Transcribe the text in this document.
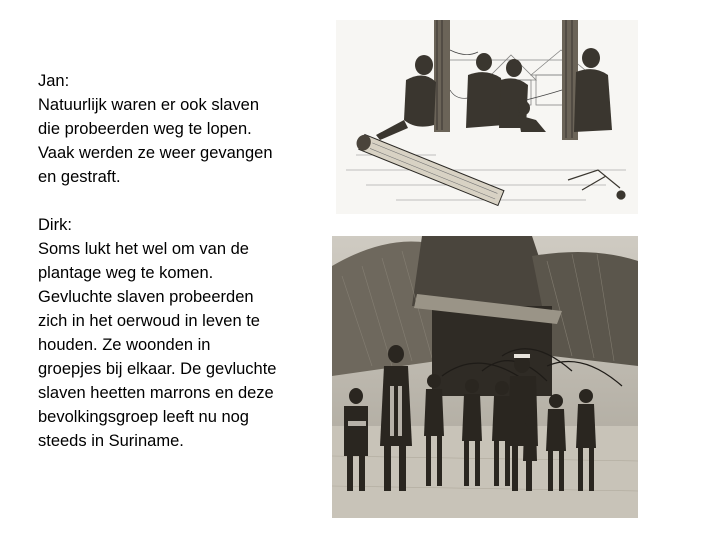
Jan:
Natuurlijk waren er ook slaven
die probeerden weg te lopen.
Vaak werden ze weer gevangen
en gestraft.
Dirk:
Soms lukt het wel om van de
plantage weg te komen.
Gevluchte slaven probeerden
zich in het oerwoud in leven te
houden. Ze woonden in
groepjes bij elkaar. De gevluchte
slaven heetten marrons en deze
bevolkingsgroep leeft nu nog
steeds in Suriname.
